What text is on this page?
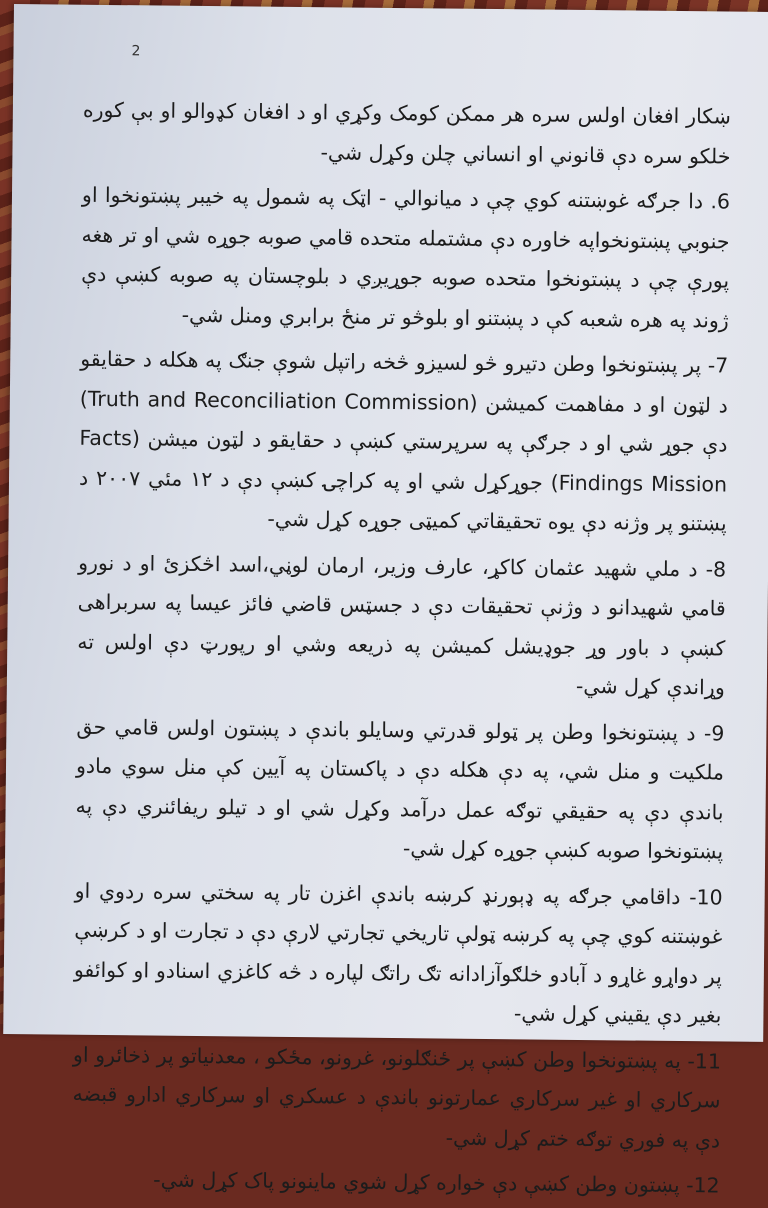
2

ښکار افغان اولس سره هر ممکن کومک وکړي او د افغان کډوالو او بې کوره خلکو سره دې قانوني او انساني چلن وکړل شي-

6. دا جرګه غوښتنه کوي چې د میانوالي - اټک په شمول په خیبر پښتونخوا او جنوبي پښتونخواپه خاوره دې مشتمله متحده قامي صوبه جوړه شي او تر هغه پورې چې د پښتونخوا متحده صوبه جوړیږي د بلوچستان په صوبه کښې دې ژوند په هره شعبه کې د پښتنو او بلوڅو تر منځ برابري ومنل شي-

7- پر پښتونخوا وطن دتیرو څو لسیزو څخه راتپل شوې جنګ په هکله د حقایقو د لټون او د مفاهمت کمیشن (Truth and Reconciliation Commission) دې جوړ شي او د جرګې په سرپرستي کښې د حقایقو د لټون میشن (Facts Findings Mission) جوړکړل شي او په کراچۍ کښې دې د ۱۲ مئي ۲۰۰۷ د پښتنو پر وژنه دې يوه تحقیقاتي کمیټی جوړه کړل شي-

8- د ملي شهید عثمان کاکړ، عارف وزیر، ارمان لوڼي،اسد اڅکزئ او د نورو قامي شهیدانو د وژنې تحقیقات دې د جسټس قاضي فائز عیسا په سربراهی کښې د باور وړ جوډیشل کمیشن په ذریعه وشي او رپورټ دې اولس ته وړاندې کړل شي-

9- د پښتونخوا وطن پر ټولو قدرتي وسایلو باندې د پښتون اولس قامي حق ملکیت و منل شي، په دې هکله دې د پاکستان په آیین کې منل سوي مادو باندې دې په حقیقي توګه عمل درآمد وکړل شي او د تیلو ریفائنري دې په پښتونخوا صوبه کښې جوړه کړل شي-

10- داقامي جرګه په ډېورنډ کرښه باندې اغزن تار په سختي سره ردوي او غوښتنه کوي چې په کرښه ټولې تاریخي تجارتي لارې دې د تجارت او د کرښې پر دواړو غاړو د آبادو خلګوآزادانه تګ راتګ لپاره د څه کاغزي اسنادو او کوائفو بغیر دې یقیني کړل شي-

11- په پښتونخوا وطن کښې پر ځنګلونو، غرونو، مځکو ، معدنیاتو پر ذخائرو او سرکاري او غیر سرکاري عمارتونو باندې د عسکري او سرکاري ادارو قبضه دې په فوري توګه ختم کړل شي-

12- پښتون وطن کښې دې خواره کړل شوي ماینونو پاک کړل شي-
